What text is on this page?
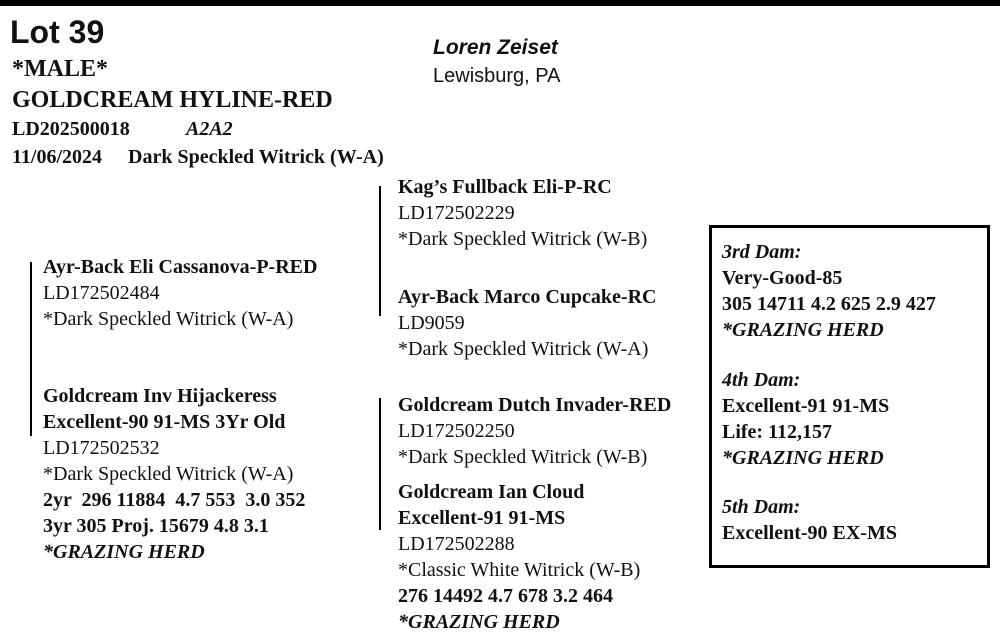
Lot 39
*MALE*
GOLDCREAM HYLINE-RED
LD202500018	A2A2
11/06/2024 Dark Speckled Witrick (W-A)
Loren Zeiset
Lewisburg, PA
Ayr-Back Eli Cassanova-P-RED
LD172502484
*Dark Speckled Witrick (W-A)
Goldcream Inv Hijackeress
Excellent-90 91-MS 3Yr Old
LD172502532
*Dark Speckled Witrick (W-A)
2yr  296 11884  4.7 553  3.0 352
3yr 305 Proj. 15679 4.8 3.1
*GRAZING HERD
Kag’s Fullback Eli-P-RC
LD172502229
*Dark Speckled Witrick (W-B)
Ayr-Back Marco Cupcake-RC
LD9059
*Dark Speckled Witrick (W-A)
Goldcream Dutch Invader-RED
LD172502250
*Dark Speckled Witrick (W-B)
Goldcream Ian Cloud
Excellent-91 91-MS
LD172502288
*Classic White Witrick (W-B)
276 14492 4.7 678 3.2 464
*GRAZING HERD
3rd Dam:
Very-Good-85
305 14711 4.2 625 2.9 427
*GRAZING HERD
4th Dam:
Excellent-91 91-MS
Life: 112,157
*GRAZING HERD
5th Dam:
Excellent-90 EX-MS
